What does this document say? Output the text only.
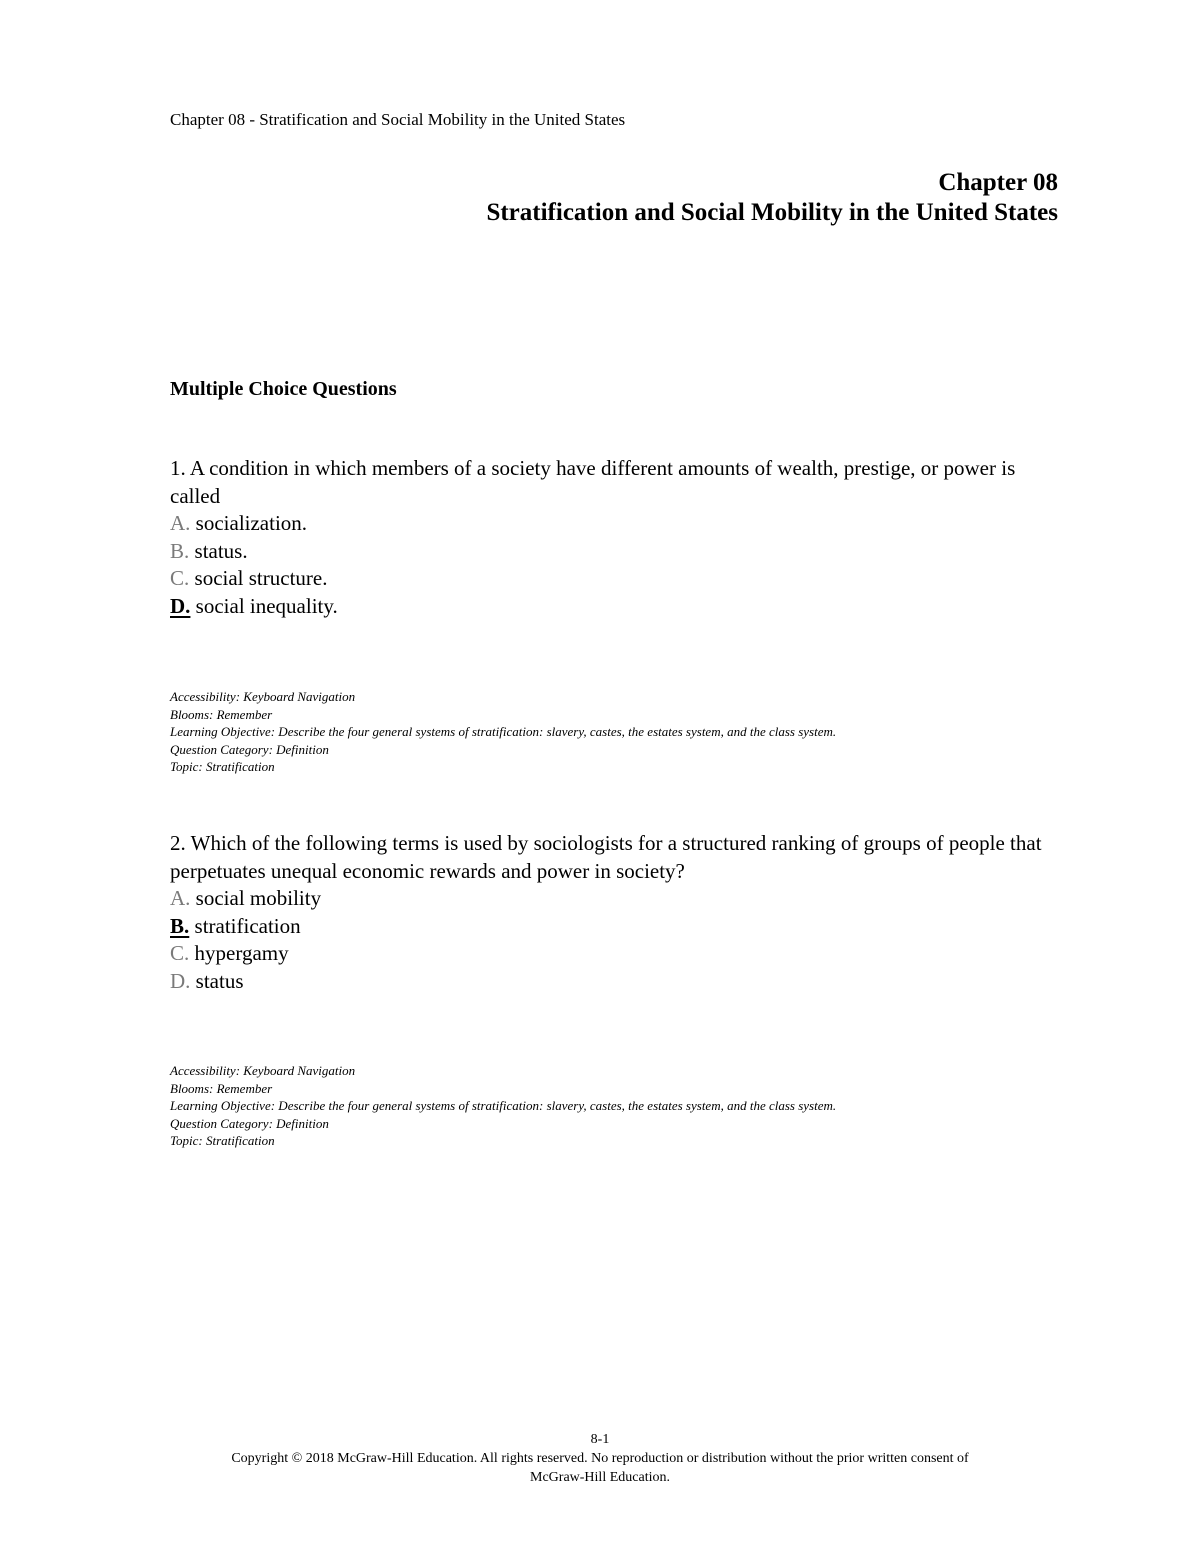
Chapter 08 - Stratification and Social Mobility in the United States
Chapter 08
Stratification and Social Mobility in the United States
Multiple Choice Questions

1. A condition in which members of a society have different amounts of wealth, prestige, or power is called

A. socialization.
B. status.
C. social structure.
D. social inequality.

Accessibility: Keyboard Navigation

Blooms: Remember

Learning Objective: Describe the four general systems of stratification: slavery, castes, the estates system, and the class system.

Question Category: Definition

Topic: Stratification

2. Which of the following terms is used by sociologists for a structured ranking of groups of people that perpetuates unequal economic rewards and power in society?

A. social mobility
B. stratification
C. hypergamy
D. status

Accessibility: Keyboard Navigation

Blooms: Remember

Learning Objective: Describe the four general systems of stratification: slavery, castes, the estates system, and the class system.

Question Category: Definition

Topic: Stratification

8-1

Copyright © 2018 McGraw-Hill Education. All rights reserved. No reproduction or distribution without the prior written consent of

McGraw-Hill Education.
